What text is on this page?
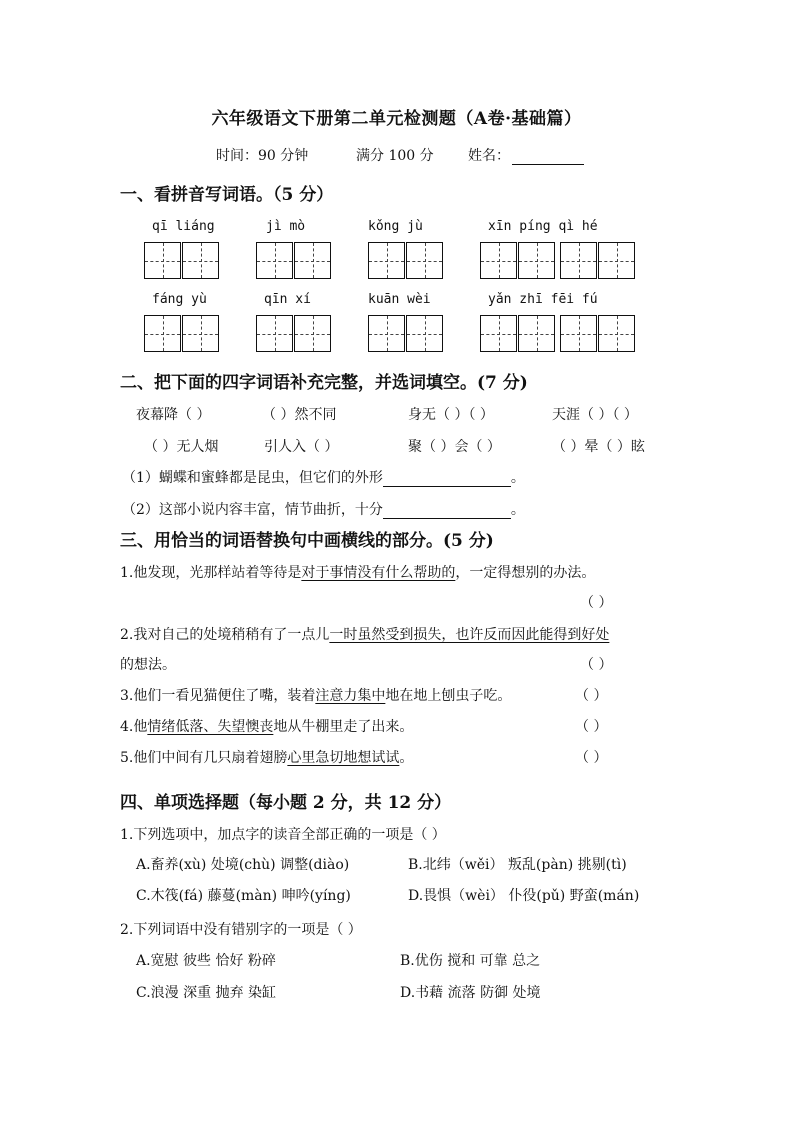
六年级语文下册第二单元检测题（A卷·基础篇）
时间：90 分钟	满分 100 分 姓名：
一、看拼音写词语。（5 分）
qī liáng	jì mò	kǒng jù	xīn píng qì hé
fáng yù	qīn xí	kuān wèi	yǎn zhī fēi fú
二、把下面的四字词语补充完整，并选词填空。(7 分)
夜幕降（ ）	（ ）然不同	身无（ ）（ ）	天涯（ ）（ ）
（ ）无人烟	引人入（ ）	聚（ ）会（ ）	（ ）晕（ ）眩
（1）蝴蝶和蜜蜂都是昆虫，但它们的外形	。
（2）这部小说内容丰富，情节曲折，十分	。
三、用恰当的词语替换句中画横线的部分。(5 分)
1.他发现，光那样站着等待是对于事情没有什么帮助的，一定得想别的办法。
（ ）
2.我对自己的处境稍稍有了一点儿一时虽然受到损失，也许反而因此能得到好处
的想法。	（ ）
3.他们一看见猫便住了嘴，装着注意力集中地在地上刨虫子吃。	（ ）
4.他情绪低落、失望懊丧地从牛棚里走了出来。	（ ）
5.他们中间有几只扇着翅膀心里急切地想试试。	（ ）
四、单项选择题（每小题 2 分，共 12 分）
1.下列选项中，加点字的读音全部正确的一项是（ ）
A.畜养(xù) 处境(chù) 调整(diào)	B.北纬（wěi） 叛乱(pàn) 挑剔(tì)
C.木筏(fá) 藤蔓(màn) 呻吟(yíng)	D.畏惧（wèi） 仆役(pǔ) 野蛮(mán)
2.下列词语中没有错别字的一项是（ ）
A.宽慰 彼些 恰好 粉碎	B.优伤 搅和 可靠 总之
C.浪漫 深重 抛弃 染缸	D.书藉 流落 防御 处境
